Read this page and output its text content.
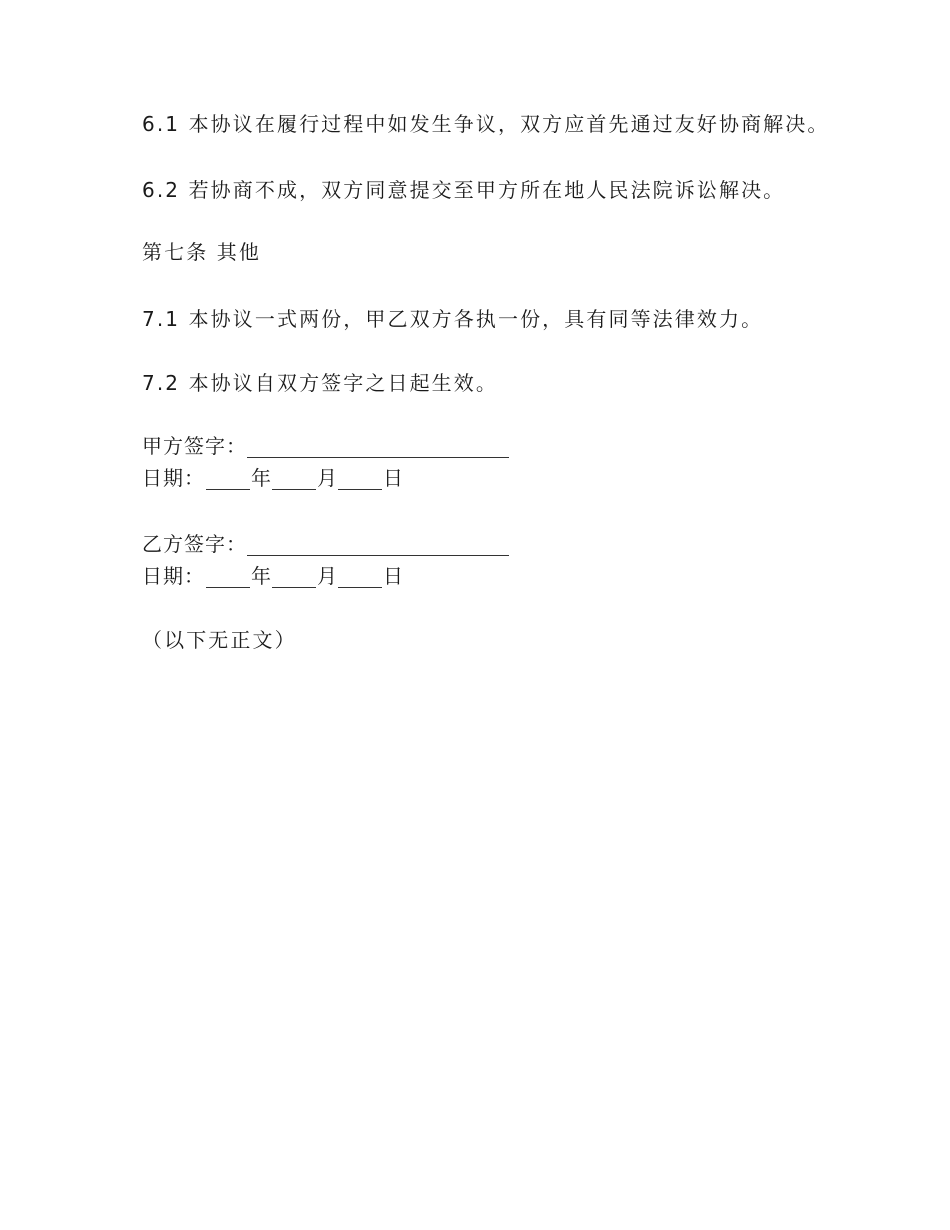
6.1 本协议在履行过程中如发生争议，双方应首先通过友好协商解决。
6.2 若协商不成，双方同意提交至甲方所在地人民法院诉讼解决。
第七条 其他
7.1 本协议一式两份，甲乙双方各执一份，具有同等法律效力。
7.2 本协议自双方签字之日起生效。
甲方签字：
日期： 年 月 日
乙方签字：
日期： 年 月 日
（以下无正文）
